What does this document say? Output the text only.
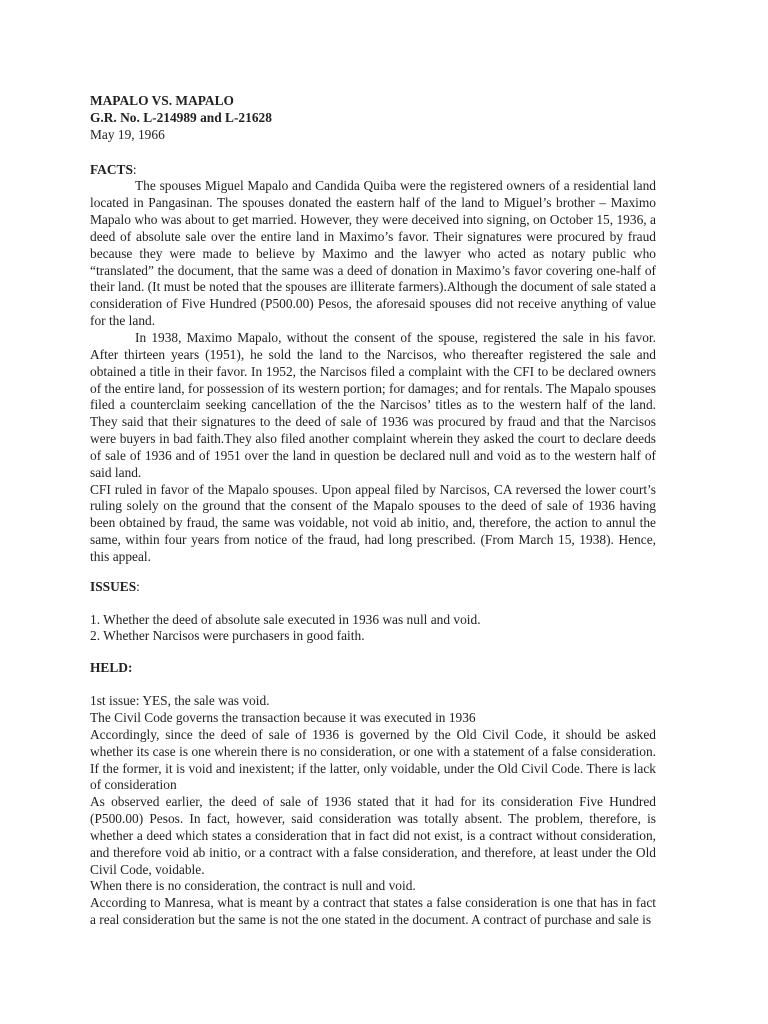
MAPALO VS. MAPALO

G.R. No. L-214989 and L-21628

May 19, 1966

FACTS:

The spouses Miguel Mapalo and Candida Quiba were the registered owners of a residential land located in Pangasinan. The spouses donated the eastern half of the land to Miguel’s brother – Maximo Mapalo who was about to get married. However, they were deceived into signing, on October 15, 1936, a deed of absolute sale over the entire land in Maximo’s favor. Their signatures were procured by fraud because they were made to believe by Maximo and the lawyer who acted as notary public who “translated” the document, that the same was a deed of donation in Maximo’s favor covering one-half of their land. (It must be noted that the spouses are illiterate farmers).Although the document of sale stated a consideration of Five Hundred (P500.00) Pesos, the aforesaid spouses did not receive anything of value for the land.

In 1938, Maximo Mapalo, without the consent of the spouse, registered the sale in his favor. After thirteen years (1951), he sold the land to the Narcisos, who thereafter registered the sale and obtained a title in their favor. In 1952, the Narcisos filed a complaint with the CFI to be declared owners of the entire land, for possession of its western portion; for damages; and for rentals. The Mapalo spouses filed a counterclaim seeking cancellation of the the Narcisos’ titles as to the western half of the land. They said that their signatures to the deed of sale of 1936 was procured by fraud and that the Narcisos were buyers in bad faith.They also filed another complaint wherein they asked the court to declare deeds of sale of 1936 and of 1951 over the land in question be declared null and void as to the western half of said land.

CFI ruled in favor of the Mapalo spouses. Upon appeal filed by Narcisos, CA reversed the lower court’s ruling solely on the ground that the consent of the Mapalo spouses to the deed of sale of 1936 having been obtained by fraud, the same was voidable, not void ab initio, and, therefore, the action to annul the same, within four years from notice of the fraud, had long prescribed. (From March 15, 1938). Hence, this appeal.

ISSUES:

1. Whether the deed of absolute sale executed in 1936 was null and void.

2. Whether Narcisos were purchasers in good faith.

HELD:

1st issue: YES, the sale was void.

The Civil Code governs the transaction because it was executed in 1936

Accordingly, since the deed of sale of 1936 is governed by the Old Civil Code, it should be asked whether its case is one wherein there is no consideration, or one with a statement of a false consideration. If the former, it is void and inexistent; if the latter, only voidable, under the Old Civil Code. There is lack of consideration

As observed earlier, the deed of sale of 1936 stated that it had for its consideration Five Hundred (P500.00) Pesos. In fact, however, said consideration was totally absent. The problem, therefore, is whether a deed which states a consideration that in fact did not exist, is a contract without consideration, and therefore void ab initio, or a contract with a false consideration, and therefore, at least under the Old Civil Code, voidable.

When there is no consideration, the contract is null and void.

According to Manresa, what is meant by a contract that states a false consideration is one that has in fact a real consideration but the same is not the one stated in the document. A contract of purchase and sale is
